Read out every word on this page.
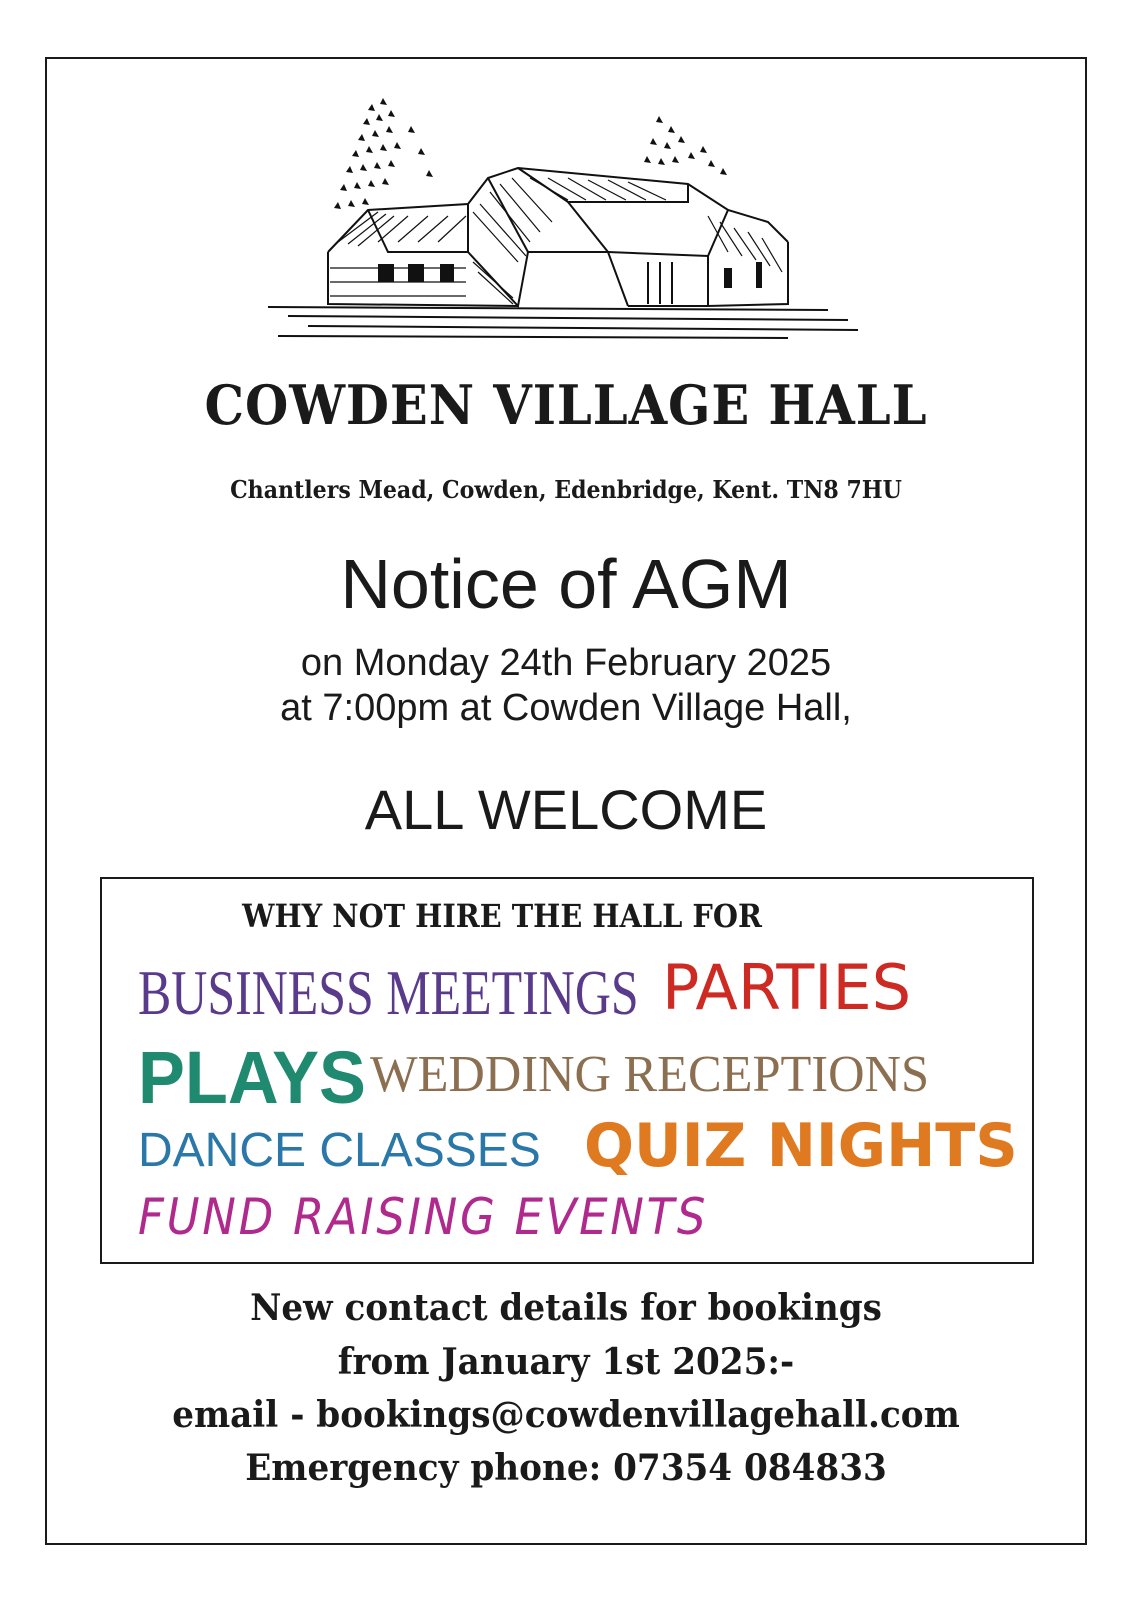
COWDEN VILLAGE HALL
Chantlers Mead, Cowden, Edenbridge, Kent. TN8 7HU
Notice of AGM
on Monday 24th February 2025
at 7:00pm at Cowden Village Hall,
ALL WELCOME
WHY NOT HIRE THE HALL FOR
BUSINESS MEETINGS PARTIES
PLAYS WEDDING RECEPTIONS
DANCE CLASSES QUIZ NIGHTS
FUND RAISING EVENTS
New contact details for bookings
from January 1st 2025:-
email - bookings@cowdenvillagehall.com
Emergency phone: 07354 084833
